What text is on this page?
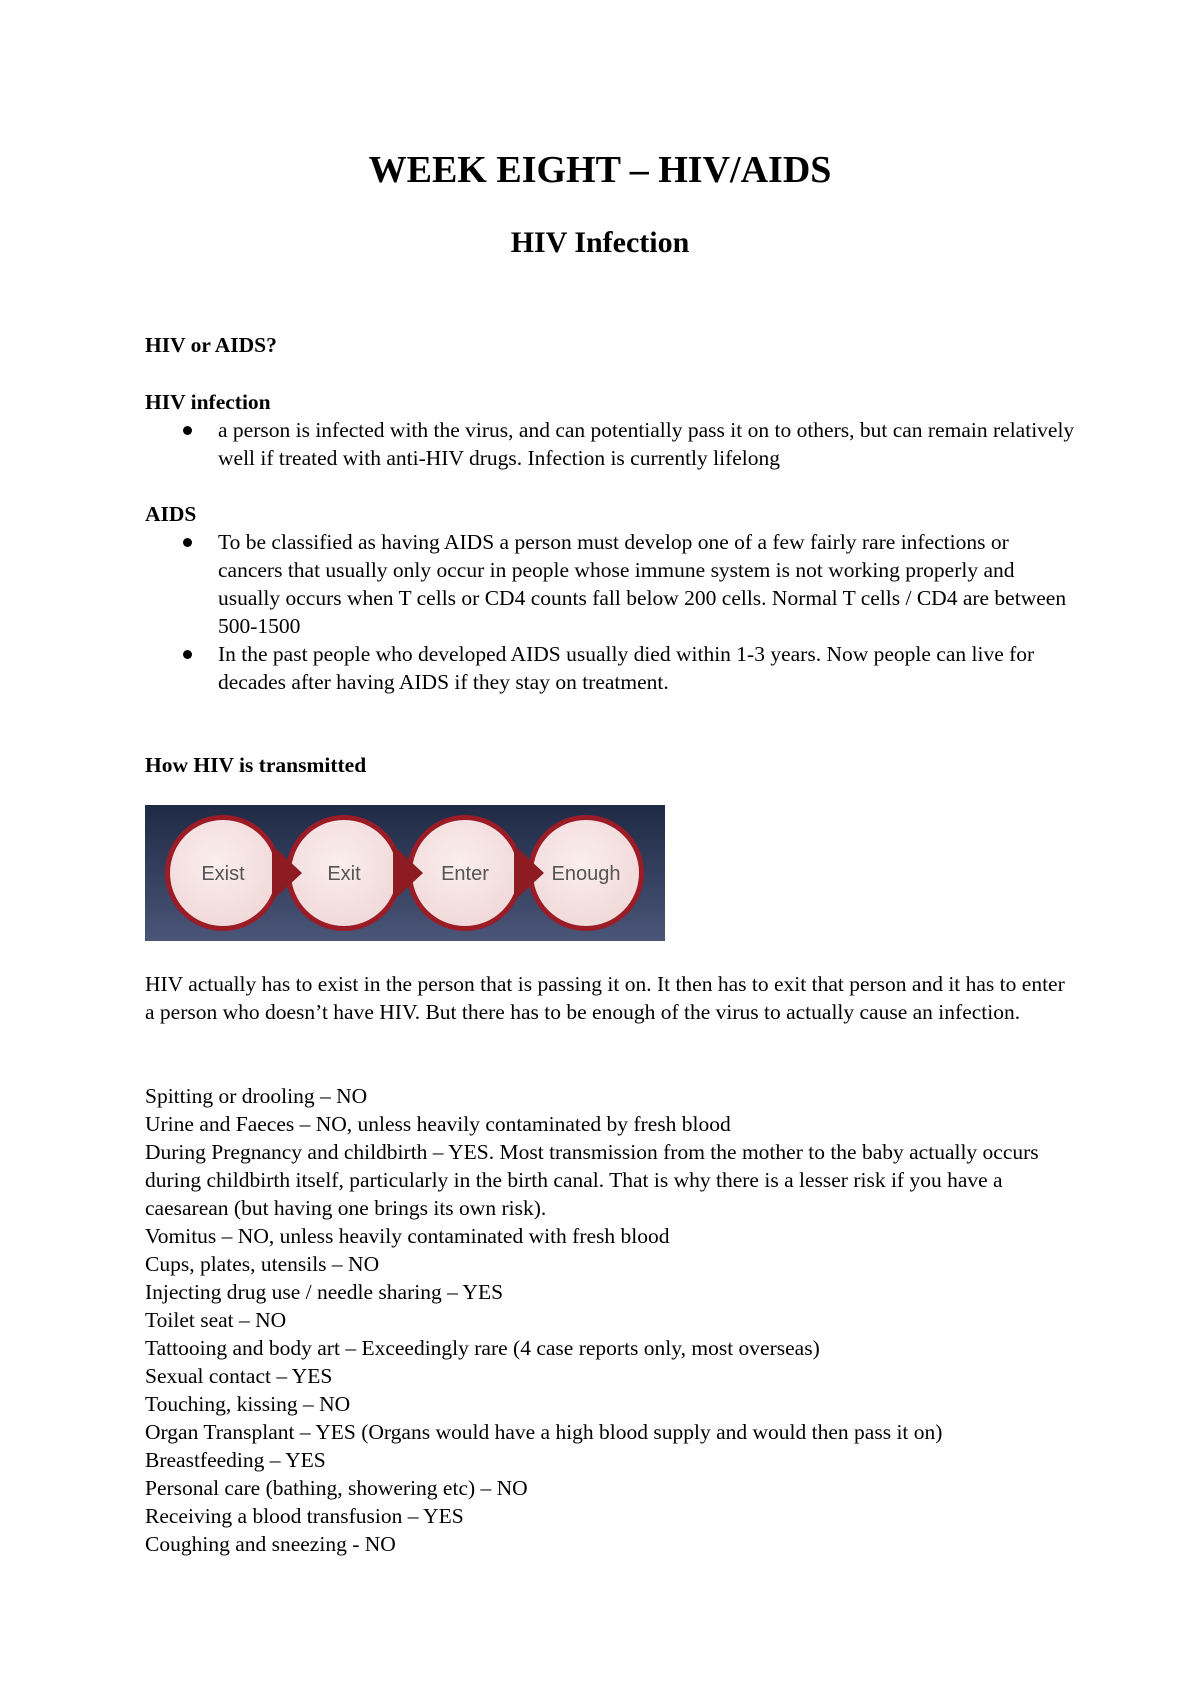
WEEK EIGHT – HIV/AIDS
HIV Infection
HIV or AIDS?
HIV infection
a person is infected with the virus, and can potentially pass it on to others, but can remain relatively well if treated with anti-HIV drugs. Infection is currently lifelong
AIDS
To be classified as having AIDS a person must develop one of a few fairly rare infections or cancers that usually only occur in people whose immune system is not working properly and usually occurs when T cells or CD4 counts fall below 200 cells. Normal T cells / CD4 are between 500-1500
In the past people who developed AIDS usually died within 1-3 years. Now people can live for decades after having AIDS if they stay on treatment.
How HIV is transmitted
Exist	Exit	Enter	Enough
HIV actually has to exist in the person that is passing it on. It then has to exit that person and it has to enter a person who doesn’t have HIV. But there has to be enough of the virus to actually cause an infection.
Spitting or drooling – NO
Urine and Faeces – NO, unless heavily contaminated by fresh blood
During Pregnancy and childbirth – YES. Most transmission from the mother to the baby actually occurs during childbirth itself, particularly in the birth canal. That is why there is a lesser risk if you have a caesarean (but having one brings its own risk).
Vomitus – NO, unless heavily contaminated with fresh blood
Cups, plates, utensils – NO
Injecting drug use / needle sharing – YES
Toilet seat – NO
Tattooing and body art – Exceedingly rare (4 case reports only, most overseas)
Sexual contact – YES
Touching, kissing – NO
Organ Transplant – YES (Organs would have a high blood supply and would then pass it on)
Breastfeeding – YES
Personal care (bathing, showering etc) – NO
Receiving a blood transfusion – YES
Coughing and sneezing - NO
